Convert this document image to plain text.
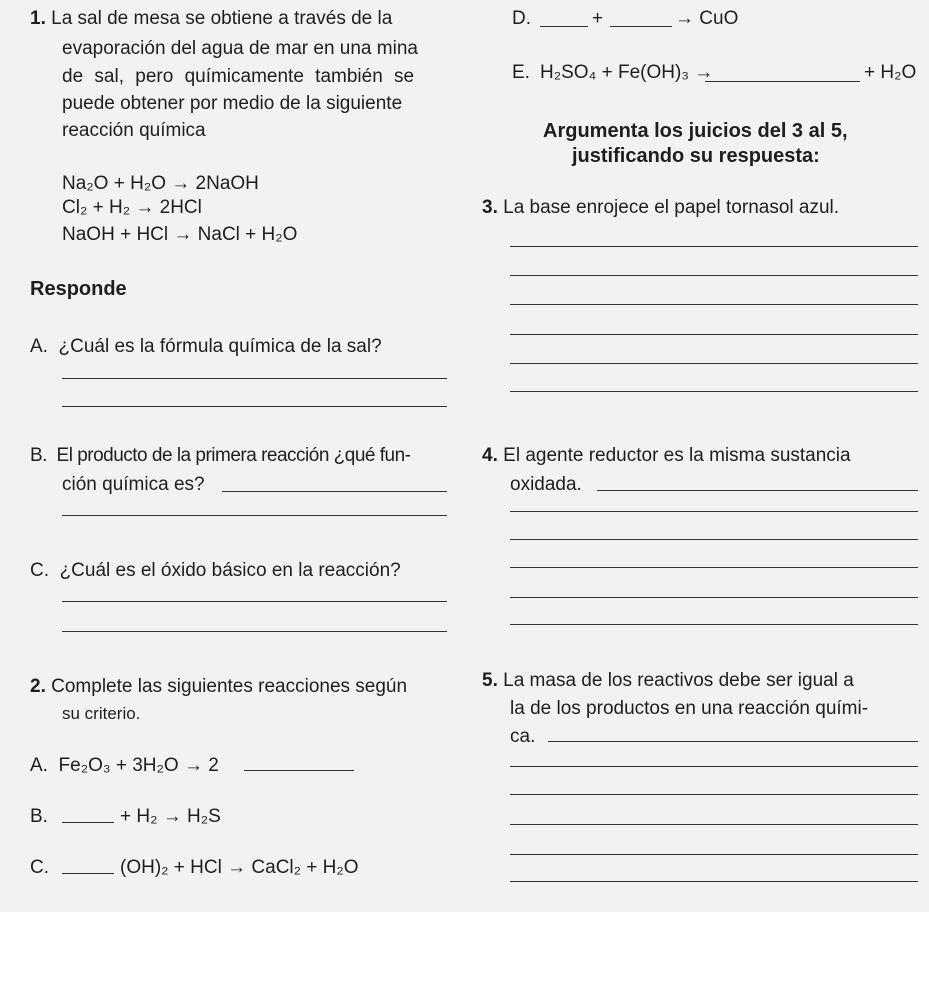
1. La sal de mesa se obtiene a través de la
evaporación del agua de mar en una mina
de sal, pero químicamente también se
puede obtener por medio de la siguiente
reacción química
Na₂O + H₂O → 2NaOH
Cl₂ + H₂ → 2HCl
NaOH + HCl → NaCl + H₂O
Responde
A. ¿Cuál es la fórmula química de la sal?
B. El producto de la primera reacción ¿qué fun-
ción química es?
C. ¿Cuál es el óxido básico en la reacción?
2. Complete las siguientes reacciones según
su criterio.
A. Fe₂O₃ + 3H₂O → 2
B.	+ H₂ → H₂S
C.	(OH)₂ + HCl → CaCl₂ + H₂O
D.	+	→ CuO
E. H₂SO₄ + Fe(OH)₃ →	+ H₂O
Argumenta los juicios del 3 al 5,
justificando su respuesta:
3. La base enrojece el papel tornasol azul.
4. El agente reductor es la misma sustancia
oxidada.
5. La masa de los reactivos debe ser igual a
la de los productos en una reacción quími-
ca.
